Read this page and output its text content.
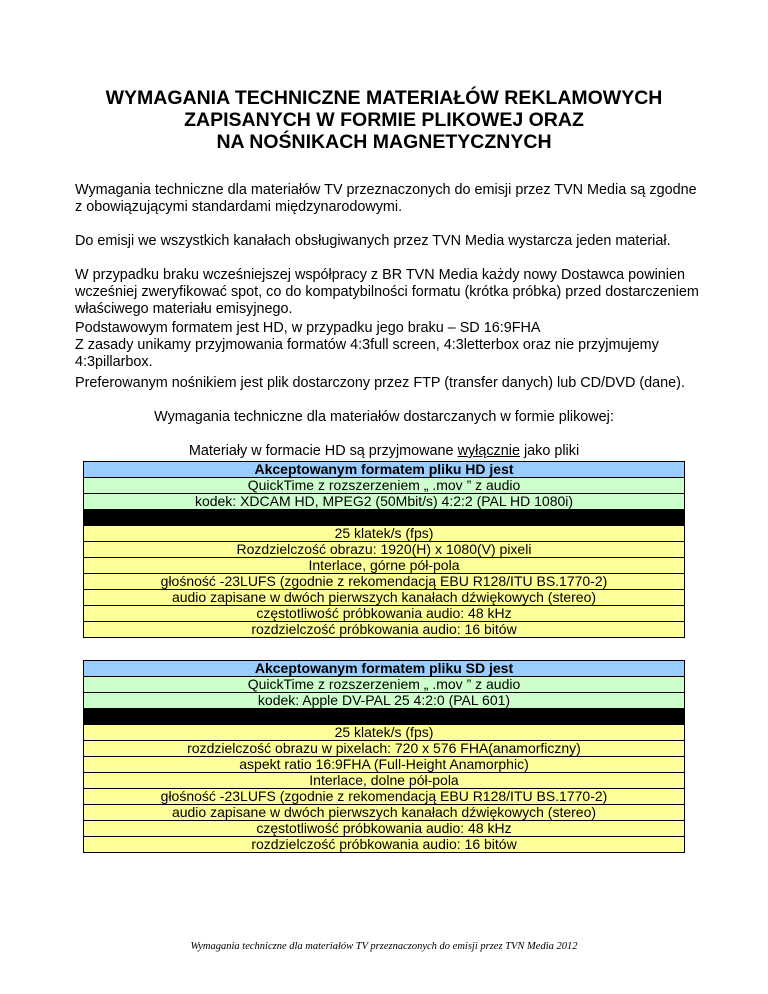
WYMAGANIA TECHNICZNE MATERIAŁÓW REKLAMOWYCH
ZAPISANYCH W FORMIE PLIKOWEJ ORAZ
NA NOŚNIKACH MAGNETYCZNYCH

Wymagania techniczne dla materiałów TV przeznaczonych do emisji przez TVN Media są zgodne
z obowiązującymi standardami międzynarodowymi.

Do emisji we wszystkich kanałach obsługiwanych przez TVN Media wystarcza jeden materiał.

W przypadku braku wcześniejszej współpracy z BR TVN Media każdy nowy Dostawca powinien
wcześniej zweryfikować spot, co do kompatybilności formatu (krótka próbka) przed dostarczeniem
właściwego materiału emisyjnego.

Podstawowym formatem jest HD, w przypadku jego braku – SD 16:9FHA
Z zasady unikamy przyjmowania formatów 4:3full screen, 4:3letterbox oraz nie przyjmujemy
4:3pillarbox.

Preferowanym nośnikiem jest plik dostarczony przez FTP (transfer danych) lub CD/DVD (dane).

Wymagania techniczne dla materiałów dostarczanych w formie plikowej:

Materiały w formacie HD są przyjmowane wyłącznie jako pliki

Akceptowanym formatem pliku HD jest
QuickTime z rozszerzeniem „ .mov ” z audio
kodek: XDCAM HD, MPEG2 (50Mbit/s) 4:2:2 (PAL HD 1080i)

25 klatek/s (fps)
Rozdzielczość obrazu: 1920(H) x 1080(V) pixeli
Interlace, górne pół-pola
głośność -23LUFS (zgodnie z rekomendacją EBU R128/ITU BS.1770-2)
audio zapisane w dwóch pierwszych kanałach dźwiękowych (stereo)
częstotliwość próbkowania audio: 48 kHz
rozdzielczość próbkowania audio: 16 bitów
Akceptowanym formatem pliku SD jest
QuickTime z rozszerzeniem „ .mov ” z audio
kodek: Apple DV-PAL 25 4:2:0 (PAL 601)

25 klatek/s (fps)
rozdzielczość obrazu w pixelach: 720 x 576 FHA(anamorficzny)
aspekt ratio 16:9FHA (Full-Height Anamorphic)
Interlace, dolne pół-pola
głośność -23LUFS (zgodnie z rekomendacją EBU R128/ITU BS.1770-2)
audio zapisane w dwóch pierwszych kanałach dźwiękowych (stereo)
częstotliwość próbkowania audio: 48 kHz
rozdzielczość próbkowania audio: 16 bitów

Wymagania techniczne dla materiałów TV przeznaczonych do emisji przez TVN Media 2012
